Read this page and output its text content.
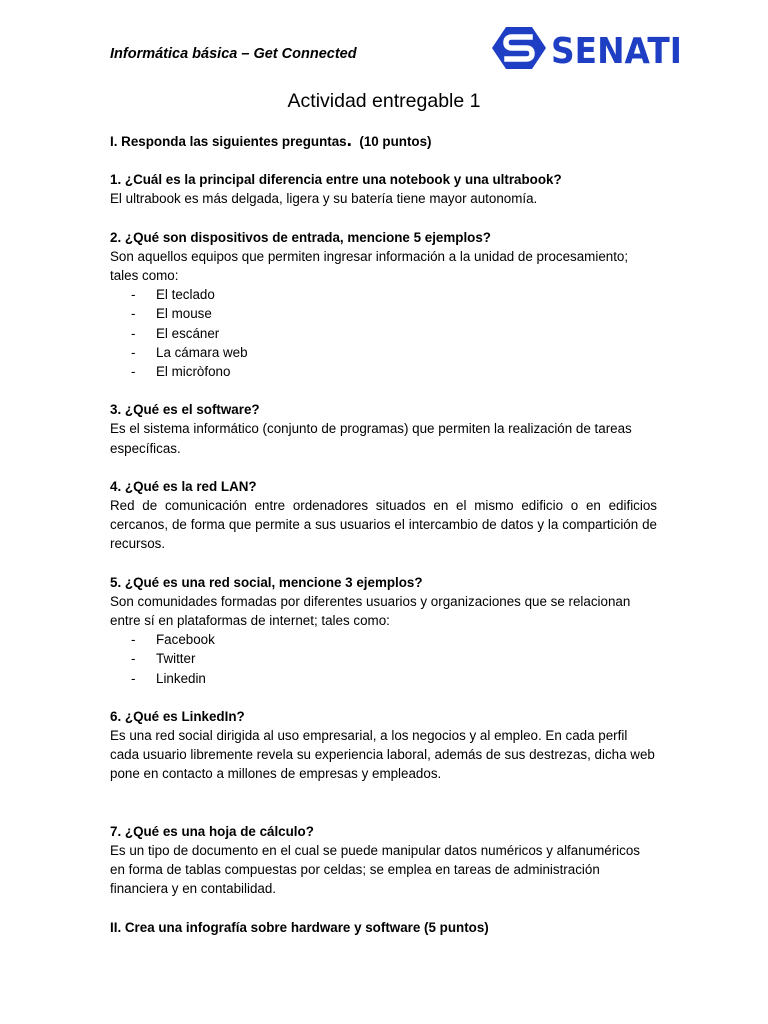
Informática básica – Get Connected	SENATI
Actividad entregable 1

I. Responda las siguientes preguntas. (10 puntos)

1. ¿Cuál es la principal diferencia entre una notebook y una ultrabook?

El ultrabook es más delgada, ligera y su batería tiene mayor autonomía.

2. ¿Qué son dispositivos de entrada, mencione 5 ejemplos?

Son aquellos equipos que permiten ingresar información a la unidad de procesamiento; tales como:

- El teclado
- El mouse
- El escáner
- La cámara web
- El micròfono

3. ¿Qué es el software?

Es el sistema informático (conjunto de programas) que permiten la realización de tareas específicas.

4. ¿Qué es la red LAN?

Red de comunicación entre ordenadores situados en el mismo edificio o en edificios cercanos, de forma que permite a sus usuarios el intercambio de datos y la compartición de recursos.

5. ¿Qué es una red social, mencione 3 ejemplos?

Son comunidades formadas por diferentes usuarios y organizaciones que se relacionan entre sí en plataformas de internet; tales como:

- Facebook
- Twitter
- Linkedin

6. ¿Qué es LinkedIn?

Es una red social dirigida al uso empresarial, a los negocios y al empleo. En cada perfil cada usuario libremente revela su experiencia laboral, además de sus destrezas, dicha web pone en contacto a millones de empresas y empleados.

7. ¿Qué es una hoja de cálculo?

Es un tipo de documento en el cual se puede manipular datos numéricos y alfanuméricos en forma de tablas compuestas por celdas; se emplea en tareas de administración financiera y en contabilidad.

II. Crea una infografía sobre hardware y software (5 puntos)
